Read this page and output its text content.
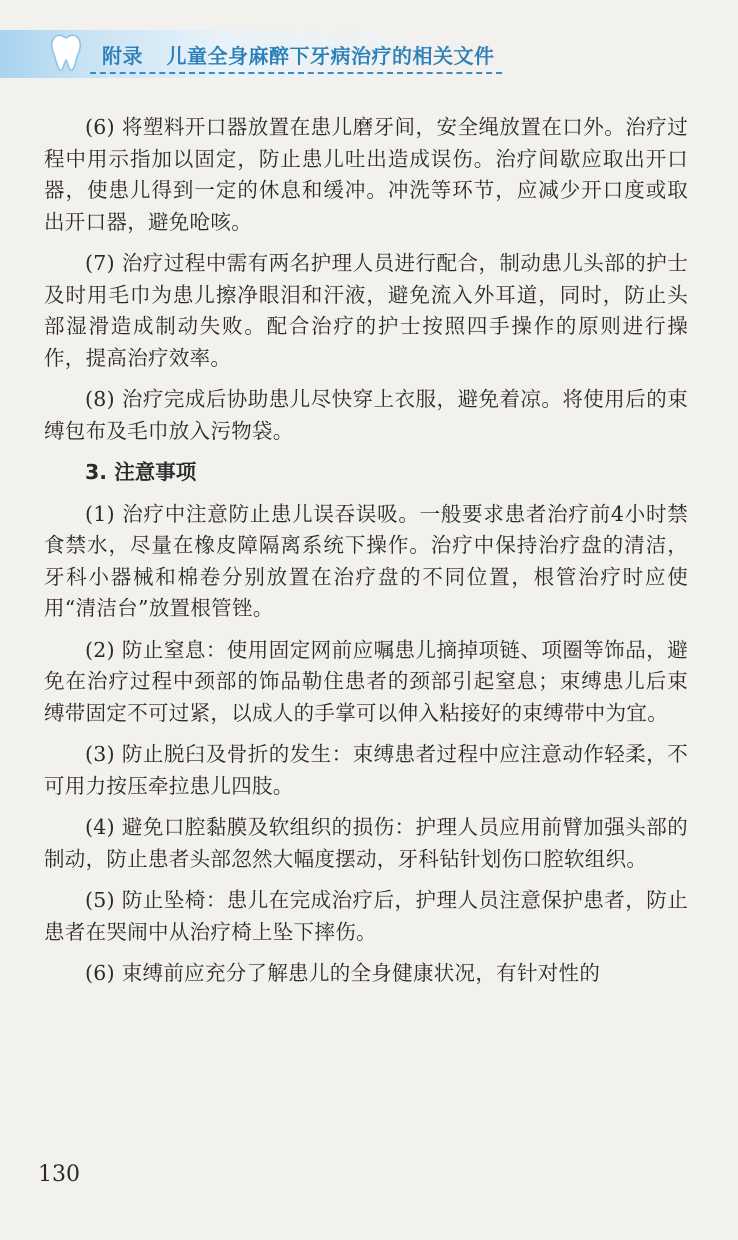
附录 儿童全身麻醉下牙病治疗的相关文件

(6) 将塑料开口器放置在患儿磨牙间，安全绳放置在口外。治疗过程中用示指加以固定，防止患儿吐出造成误伤。治疗间歇应取出开口器，使患儿得到一定的休息和缓冲。冲洗等环节，应减少开口度或取出开口器，避免呛咳。

(7) 治疗过程中需有两名护理人员进行配合，制动患儿头部的护士及时用毛巾为患儿擦净眼泪和汗液，避免流入外耳道，同时，防止头部湿滑造成制动失败。配合治疗的护士按照四手操作的原则进行操作，提高治疗效率。

(8) 治疗完成后协助患儿尽快穿上衣服，避免着凉。将使用后的束缚包布及毛巾放入污物袋。

3. 注意事项

(1) 治疗中注意防止患儿误吞误吸。一般要求患者治疗前4小时禁食禁水，尽量在橡皮障隔离系统下操作。治疗中保持治疗盘的清洁，牙科小器械和棉卷分别放置在治疗盘的不同位置，根管治疗时应使用“清洁台”放置根管锉。

(2) 防止窒息：使用固定网前应嘱患儿摘掉项链、项圈等饰品，避免在治疗过程中颈部的饰品勒住患者的颈部引起窒息；束缚患儿后束缚带固定不可过紧，以成人的手掌可以伸入粘接好的束缚带中为宜。

(3) 防止脱臼及骨折的发生：束缚患者过程中应注意动作轻柔，不可用力按压牵拉患儿四肢。

(4) 避免口腔黏膜及软组织的损伤：护理人员应用前臂加强头部的制动，防止患者头部忽然大幅度摆动，牙科钻针划伤口腔软组织。

(5) 防止坠椅：患儿在完成治疗后，护理人员注意保护患者，防止患者在哭闹中从治疗椅上坠下摔伤。

(6) 束缚前应充分了解患儿的全身健康状况，有针对性的

130
